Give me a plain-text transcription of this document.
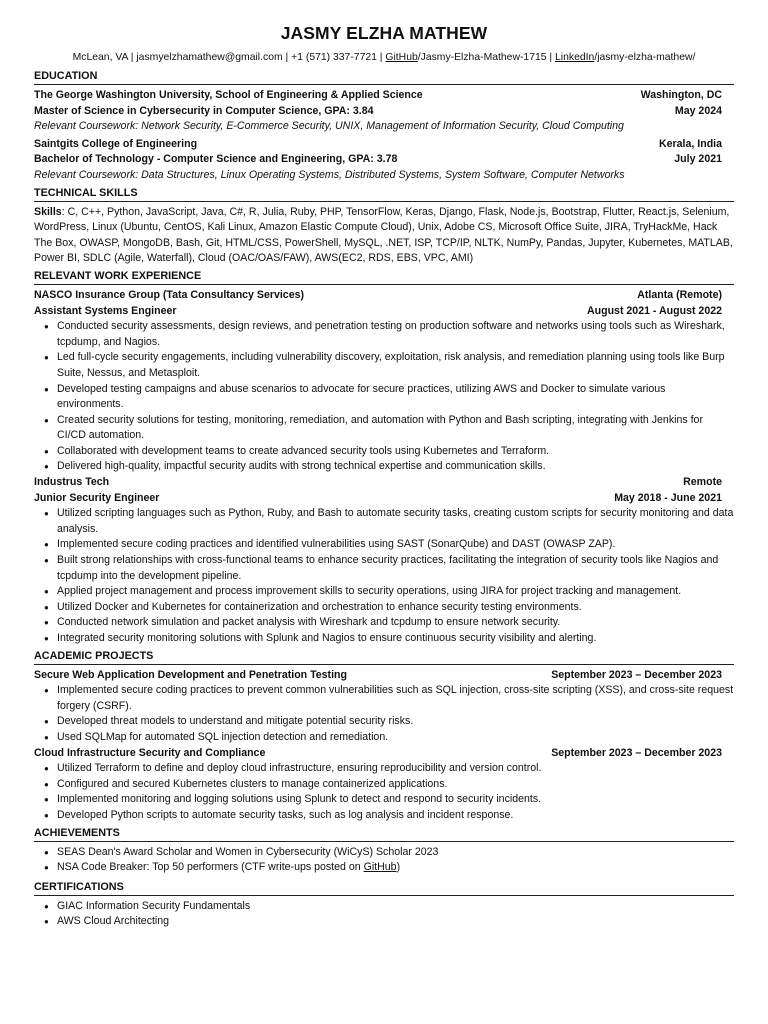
JASMY ELZHA MATHEW
McLean, VA | jasmyelzhamathew@gmail.com | +1 (571) 337-7721 | GitHub/Jasmy-Elzha-Mathew-1715 | LinkedIn/jasmy-elzha-mathew/
EDUCATION
The George Washington University, School of Engineering & Applied Science	Washington, DC
Master of Science in Cybersecurity in Computer Science, GPA: 3.84	May 2024
Relevant Coursework: Network Security, E-Commerce Security, UNIX, Management of Information Security, Cloud Computing
Saintgits College of Engineering	Kerala, India
Bachelor of Technology - Computer Science and Engineering, GPA: 3.78	July 2021
Relevant Coursework: Data Structures, Linux Operating Systems, Distributed Systems, System Software, Computer Networks
TECHNICAL SKILLS
Skills: C, C++, Python, JavaScript, Java, C#, R, Julia, Ruby, PHP, TensorFlow, Keras, Django, Flask, Node.js, Bootstrap, Flutter, React.js, Selenium, WordPress, Linux (Ubuntu, CentOS, Kali Linux, Amazon Elastic Compute Cloud), Unix, Adobe CS, Microsoft Office Suite, JIRA, TryHackMe, Hack The Box, OWASP, MongoDB, Bash, Git, HTML/CSS, PowerShell, MySQL, .NET, ISP, TCP/IP, NLTK, NumPy, Pandas, Jupyter, Kubernetes, MATLAB, Power BI, SDLC (Agile, Waterfall), Cloud (OAC/OAS/FAW), AWS(EC2, RDS, EBS, VPC, AMI)
RELEVANT WORK EXPERIENCE
NASCO Insurance Group (Tata Consultancy Services)	Atlanta (Remote)
Assistant Systems Engineer	August 2021 - August 2022
● Conducted security assessments, design reviews, and penetration testing on production software and networks using tools such as Wireshark, tcpdump, and Nagios.
● Led full-cycle security engagements, including vulnerability discovery, exploitation, risk analysis, and remediation planning using tools like Burp Suite, Nessus, and Metasploit.
● Developed testing campaigns and abuse scenarios to advocate for secure practices, utilizing AWS and Docker to simulate various environments.
● Created security solutions for testing, monitoring, remediation, and automation with Python and Bash scripting, integrating with Jenkins for CI/CD automation.
● Collaborated with development teams to create advanced security tools using Kubernetes and Terraform.
● Delivered high-quality, impactful security audits with strong technical expertise and communication skills.
Industrus Tech	Remote
Junior Security Engineer	May 2018 - June 2021
● Utilized scripting languages such as Python, Ruby, and Bash to automate security tasks, creating custom scripts for security monitoring and data analysis.
● Implemented secure coding practices and identified vulnerabilities using SAST (SonarQube) and DAST (OWASP ZAP).
● Built strong relationships with cross-functional teams to enhance security practices, facilitating the integration of security tools like Nagios and tcpdump into the development pipeline.
● Applied project management and process improvement skills to security operations, using JIRA for project tracking and management.
● Utilized Docker and Kubernetes for containerization and orchestration to enhance security testing environments.
● Conducted network simulation and packet analysis with Wireshark and tcpdump to ensure network security.
● Integrated security monitoring solutions with Splunk and Nagios to ensure continuous security visibility and alerting.
ACADEMIC PROJECTS
Secure Web Application Development and Penetration Testing	September 2023 – December 2023
● Implemented secure coding practices to prevent common vulnerabilities such as SQL injection, cross-site scripting (XSS), and cross-site request forgery (CSRF).
● Developed threat models to understand and mitigate potential security risks.
● Used SQLMap for automated SQL injection detection and remediation.
Cloud Infrastructure Security and Compliance	September 2023 – December 2023
● Utilized Terraform to define and deploy cloud infrastructure, ensuring reproducibility and version control.
● Configured and secured Kubernetes clusters to manage containerized applications.
● Implemented monitoring and logging solutions using Splunk to detect and respond to security incidents.
● Developed Python scripts to automate security tasks, such as log analysis and incident response.
ACHIEVEMENTS
● SEAS Dean's Award Scholar and Women in Cybersecurity (WiCyS) Scholar 2023
● NSA Code Breaker: Top 50 performers (CTF write-ups posted on GitHub)
CERTIFICATIONS
● GIAC Information Security Fundamentals
● AWS Cloud Architecting
